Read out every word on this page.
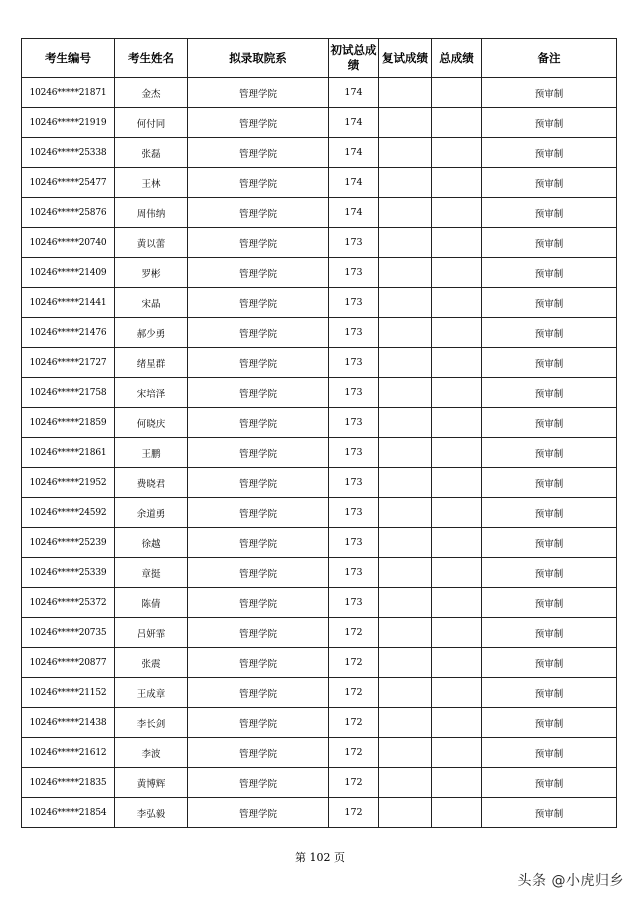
考生编号	考生姓名	拟录取院系	初试总成绩	复试成绩	总成绩	备注
10246*****21871	金杰	管理学院	174			预审制
10246*****21919	何付同	管理学院	174			预审制
10246*****25338	张磊	管理学院	174			预审制
10246*****25477	王林	管理学院	174			预审制
10246*****25876	周伟纳	管理学院	174			预审制
10246*****20740	黄以蕾	管理学院	173			预审制
10246*****21409	罗彬	管理学院	173			预审制
10246*****21441	宋晶	管理学院	173			预审制
10246*****21476	郝少勇	管理学院	173			预审制
10246*****21727	绪星群	管理学院	173			预审制
10246*****21758	宋培泽	管理学院	173			预审制
10246*****21859	何晓庆	管理学院	173			预审制
10246*****21861	王鹏	管理学院	173			预审制
10246*****21952	费晓君	管理学院	173			预审制
10246*****24592	余道勇	管理学院	173			预审制
10246*****25239	徐越	管理学院	173			预审制
10246*****25339	章挺	管理学院	173			预审制
10246*****25372	陈倩	管理学院	173			预审制
10246*****20735	吕妍霏	管理学院	172			预审制
10246*****20877	张震	管理学院	172			预审制
10246*****21152	王成章	管理学院	172			预审制
10246*****21438	李长剑	管理学院	172			预审制
10246*****21612	李波	管理学院	172			预审制
10246*****21835	黄博辉	管理学院	172			预审制
10246*****21854	李弘毅	管理学院	172			预审制
第 102 页
头条 @小虎归乡
